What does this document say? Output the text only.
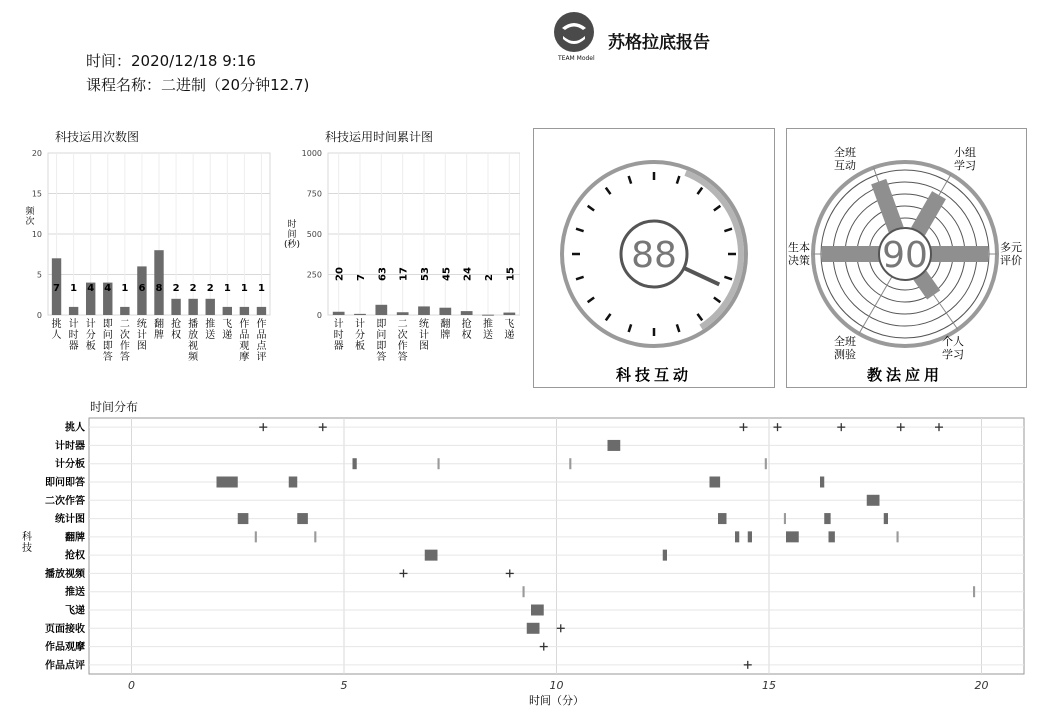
TEAM Model
苏格拉底报告
时间：2020/12/18 9:16
课程名称：二进制（20分钟12.7)
科技运用次数图
0
5
10
15
20
7
挑人
1
计时器
4
计分板
4
即问即答
1
二次作答
6
统计图
8
翻牌
2
抢权
2
播放视频
2
推送
1
飞递
1
作品观摩
1
作品点评
频次
科技运用时间累计图
0
250
500
750
1000
20
计时器
7
计分板
63
即问即答
17
二次作答
53
统计图
45
翻牌
24
抢权
2
推送
15
飞递
时
间
(秒)	88
科技互动
90
全班互动
小组学习
多元评价
个人学习
全班测验
生本决策
教法应用
时间分布
0	5	10	15	20
挑人
计时器
计分板
即问即答
二次作答
统计图
翻牌
抢权
播放视频
推送
飞递
页面接收
作品观摩
作品点评
时间（分）
科技
